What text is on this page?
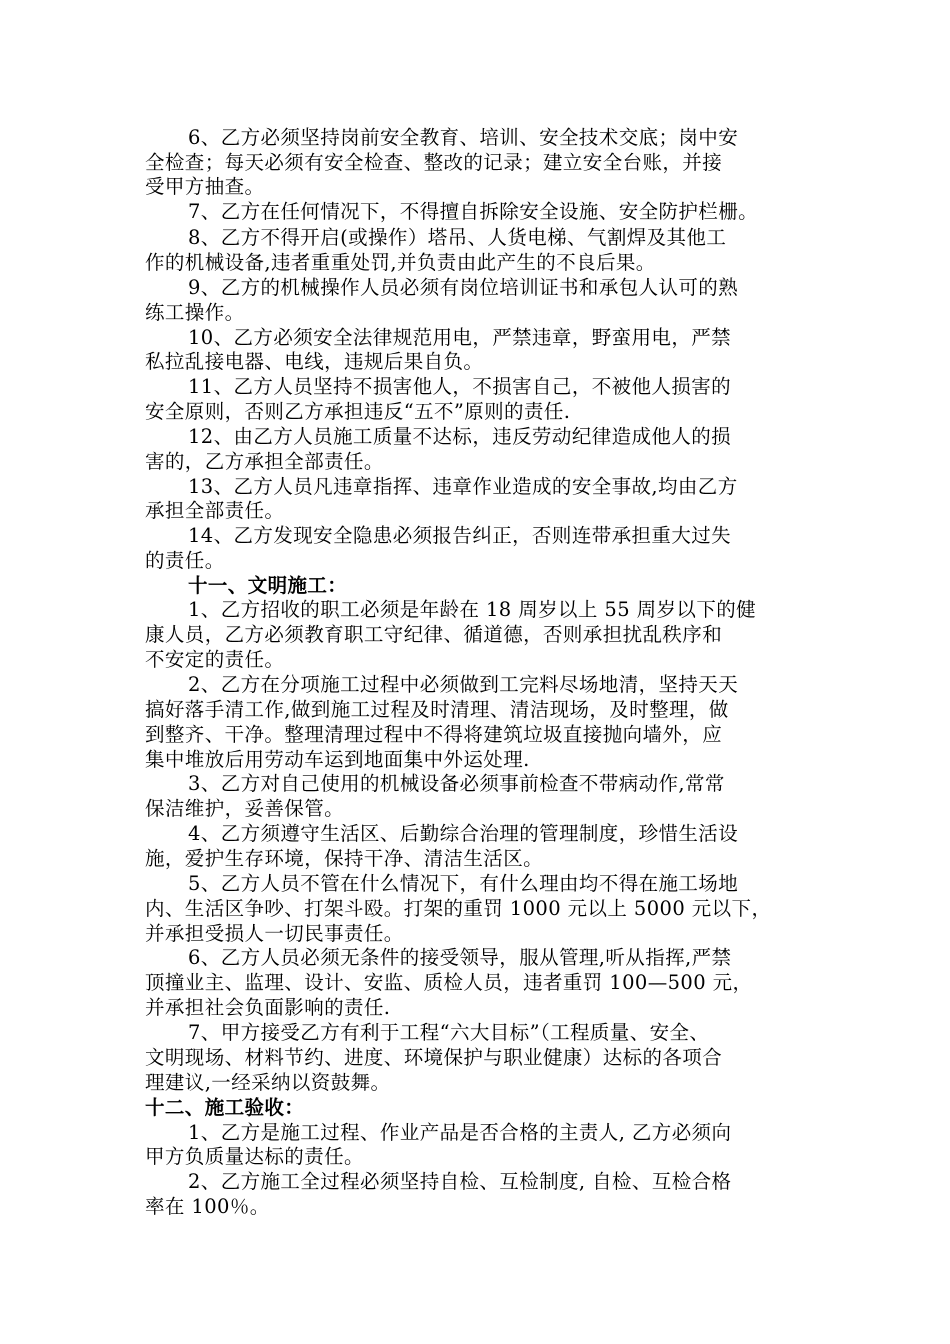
6、乙方必须坚持岗前安全教育、培训、安全技术交底；岗中安
全检查；每天必须有安全检查、整改的记录；建立安全台账，并接
受甲方抽查。
7、乙方在任何情况下，不得擅自拆除安全设施、安全防护栏栅。
8、乙方不得开启(或操作）塔吊、人货电梯、气割焊及其他工
作的机械设备,违者重重处罚,并负责由此产生的不良后果。
9、乙方的机械操作人员必须有岗位培训证书和承包人认可的熟
练工操作。
10、乙方必须安全法律规范用电，严禁违章，野蛮用电，严禁
私拉乱接电器、电线，违规后果自负。
11、乙方人员坚持不损害他人，不损害自己，不被他人损害的
安全原则，否则乙方承担违反“五不”原则的责任.
12、由乙方人员施工质量不达标，违反劳动纪律造成他人的损
害的，乙方承担全部责任。
13、乙方人员凡违章指挥、违章作业造成的安全事故,均由乙方
承担全部责任。
14、乙方发现安全隐患必须报告纠正，否则连带承担重大过失
的责任。
十一、文明施工：
1、乙方招收的职工必须是年龄在 18 周岁以上 55 周岁以下的健
康人员，乙方必须教育职工守纪律、循道德，否则承担扰乱秩序和
不安定的责任。
2、乙方在分项施工过程中必须做到工完料尽场地清，坚持天天
搞好落手清工作,做到施工过程及时清理、清洁现场，及时整理，做
到整齐、干净。整理清理过程中不得将建筑垃圾直接抛向墙外，应
集中堆放后用劳动车运到地面集中外运处理.
3、乙方对自己使用的机械设备必须事前检查不带病动作,常常
保洁维护，妥善保管。
4、乙方须遵守生活区、后勤综合治理的管理制度，珍惜生活设
施，爱护生存环境，保持干净、清洁生活区。
5、乙方人员不管在什么情况下，有什么理由均不得在施工场地
内、生活区争吵、打架斗殴。打架的重罚 1000 元以上 5000 元以下，
并承担受损人一切民事责任。
6、乙方人员必须无条件的接受领导，服从管理,听从指挥,严禁
顶撞业主、监理、设计、安监、质检人员，违者重罚 100—500 元，
并承担社会负面影响的责任.
7、甲方接受乙方有利于工程“六大目标”（工程质量、安全、
文明现场、材料节约、进度、环境保护与职业健康）达标的各项合
理建议,一经采纳以资鼓舞。
十二、施工验收：
1、乙方是施工过程、作业产品是否合格的主责人, 乙方必须向
甲方负质量达标的责任。
2、乙方施工全过程必须坚持自检、互检制度, 自检、互检合格
率在 100％。
